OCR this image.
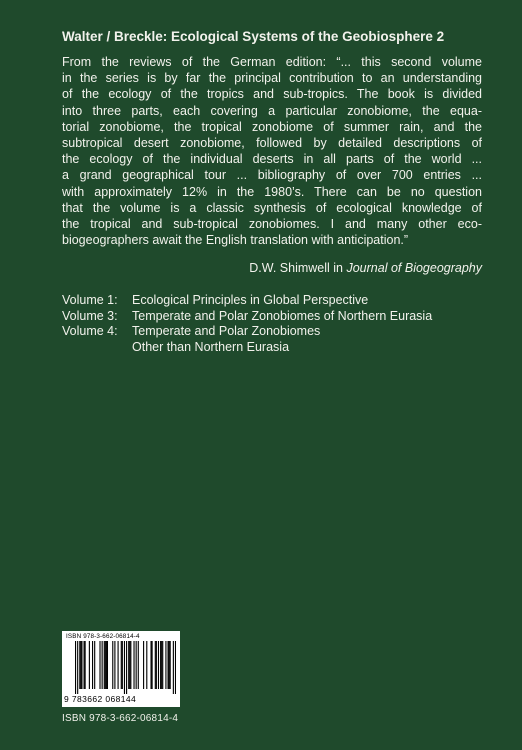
Walter / Breckle: Ecological Systems of the Geobiosphere 2
From the reviews of the German edition: “... this second volume
in the series is by far the principal contribution to an understanding
of the ecology of the tropics and sub-tropics. The book is divided
into three parts, each covering a particular zonobiome, the equa-
torial zonobiome, the tropical zonobiome of summer rain, and the
subtropical desert zonobiome, followed by detailed descriptions of
the ecology of the individual deserts in all parts of the world ...
a grand geographical tour ... bibliography of over 700 entries ...
with approximately 12% in the 1980’s. There can be no question
that the volume is a classic synthesis of ecological knowledge of
the tropical and sub-tropical zonobiomes. I and many other eco-
biogeographers await the English translation with anticipation.”
D.W. Shimwell in Journal of Biogeography
Volume 1:	Ecological Principles in Global Perspective
Volume 3:	Temperate and Polar Zonobiomes of Northern Eurasia
Volume 4:	Temperate and Polar Zonobiomes
Other than Northern Eurasia
ISBN 978-3-662-06814-4
9 783662 068144
ISBN 978-3-662-06814-4
